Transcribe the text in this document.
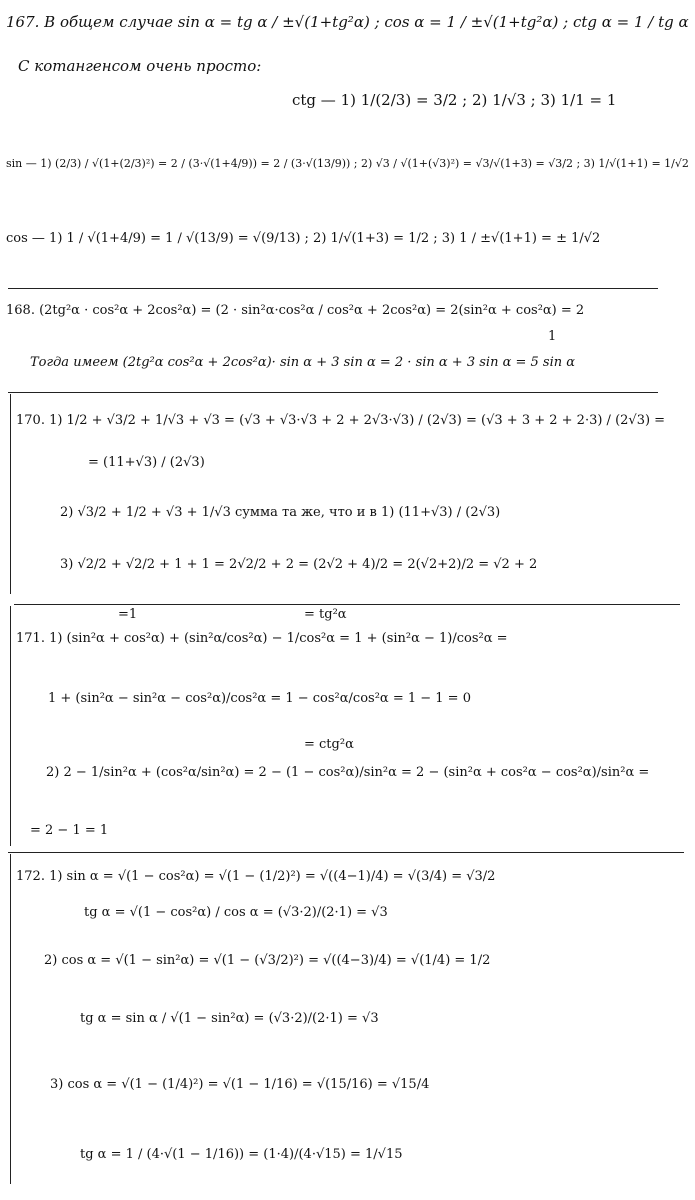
167. В общем случае sin α = tg α / ±√(1+tg²α) ; cos α = 1 / ±√(1+tg²α) ; ctg α = 1 / tg α
С котангенсом очень просто:
ctg — 1) 1/(2/3) = 3/2 ; 2) 1/√3 ; 3) 1/1 = 1
sin — 1) (2/3) / √(1+(2/3)²) = 2 / (3·√(1+4/9)) = 2 / (3·√(13/9)) ; 2) √3 / √(1+(√3)²) = √3/√(1+3) = √3/2 ; 3) 1/√(1+1) = 1/√2
cos — 1) 1 / √(1+4/9) = 1 / √(13/9) = √(9/13) ; 2) 1/√(1+3) = 1/2 ; 3) 1 / ±√(1+1) = ± 1/√2
168. (2tg²α · cos²α + 2cos²α) = (2 · sin²α·cos²α / cos²α + 2cos²α) = 2(sin²α + cos²α) = 2
1
Тогда имеем (2tg²α cos²α + 2cos²α)· sin α + 3 sin α = 2 · sin α + 3 sin α = 5 sin α
170. 1) 1/2 + √3/2 + 1/√3 + √3 = (√3 + √3·√3 + 2 + 2√3·√3) / (2√3) = (√3 + 3 + 2 + 2·3) / (2√3) =
= (11+√3) / (2√3)
2) √3/2 + 1/2 + √3 + 1/√3 сумма та же, что и в 1) (11+√3) / (2√3)
3) √2/2 + √2/2 + 1 + 1 = 2√2/2 + 2 = (2√2 + 4)/2 = 2(√2+2)/2 = √2 + 2
=1	= tg²α
171. 1) (sin²α + cos²α) + (sin²α/cos²α) − 1/cos²α = 1 + (sin²α − 1)/cos²α =
1 + (sin²α − sin²α − cos²α)/cos²α = 1 − cos²α/cos²α = 1 − 1 = 0
= ctg²α
2) 2 − 1/sin²α + (cos²α/sin²α) = 2 − (1 − cos²α)/sin²α = 2 − (sin²α + cos²α − cos²α)/sin²α =
= 2 − 1 = 1
172. 1) sin α = √(1 − cos²α) = √(1 − (1/2)²) = √((4−1)/4) = √(3/4) = √3/2
tg α = √(1 − cos²α) / cos α = (√3·2)/(2·1) = √3
2) cos α = √(1 − sin²α) = √(1 − (√3/2)²) = √((4−3)/4) = √(1/4) = 1/2
tg α = sin α / √(1 − sin²α) = (√3·2)/(2·1) = √3
3) cos α = √(1 − (1/4)²) = √(1 − 1/16) = √(15/16) = √15/4
tg α = 1 / (4·√(1 − 1/16)) = (1·4)/(4·√15) = 1/√15
